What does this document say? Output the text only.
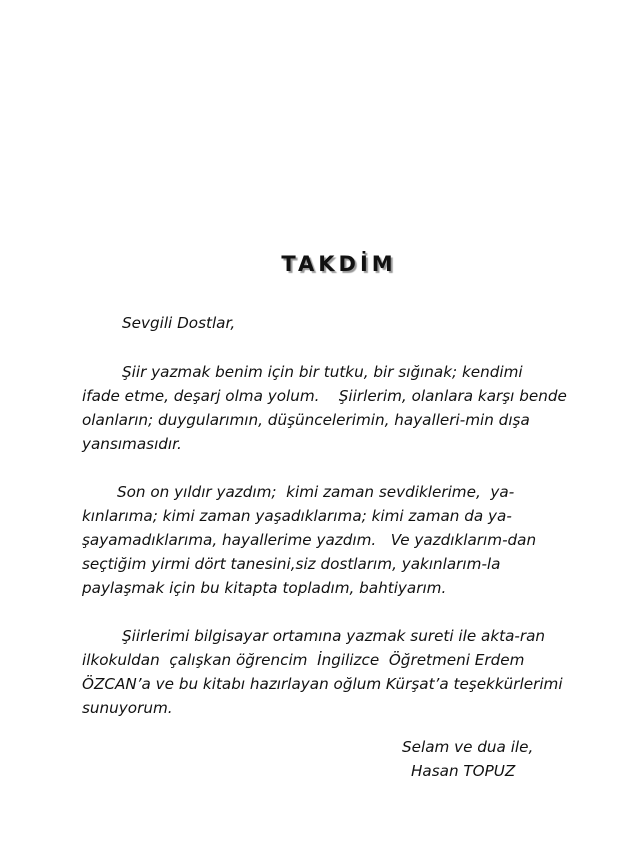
TAKDİM
Sevgili Dostlar,
Şiir yazmak benim için bir tutku, bir sığınak; kendimi
ifade etme, deşarj olma yolum.    Şiirlerim, olanlara karşı bende
olanların; duygularımın, düşüncelerimin, hayalleri-min dışa
yansımasıdır.
Son on yıldır yazdım;  kimi zaman sevdiklerime,  ya-
kınlarıma; kimi zaman yaşadıklarıma; kimi zaman da ya-
şayamadıklarıma, hayallerime yazdım.   Ve yazdıklarım-dan
seçtiğim yirmi dört tanesini,siz dostlarım, yakınlarım-la
paylaşmak için bu kitapta topladım, bahtiyarım.
Şiirlerimi bilgisayar ortamına yazmak sureti ile akta-ran
ilkokuldan  çalışkan öğrencim  İngilizce  Öğretmeni Erdem
ÖZCAN’a ve bu kitabı hazırlayan oğlum Kürşat’a teşekkürlerimi
sunuyorum.
Selam ve dua ile,
Hasan TOPUZ
